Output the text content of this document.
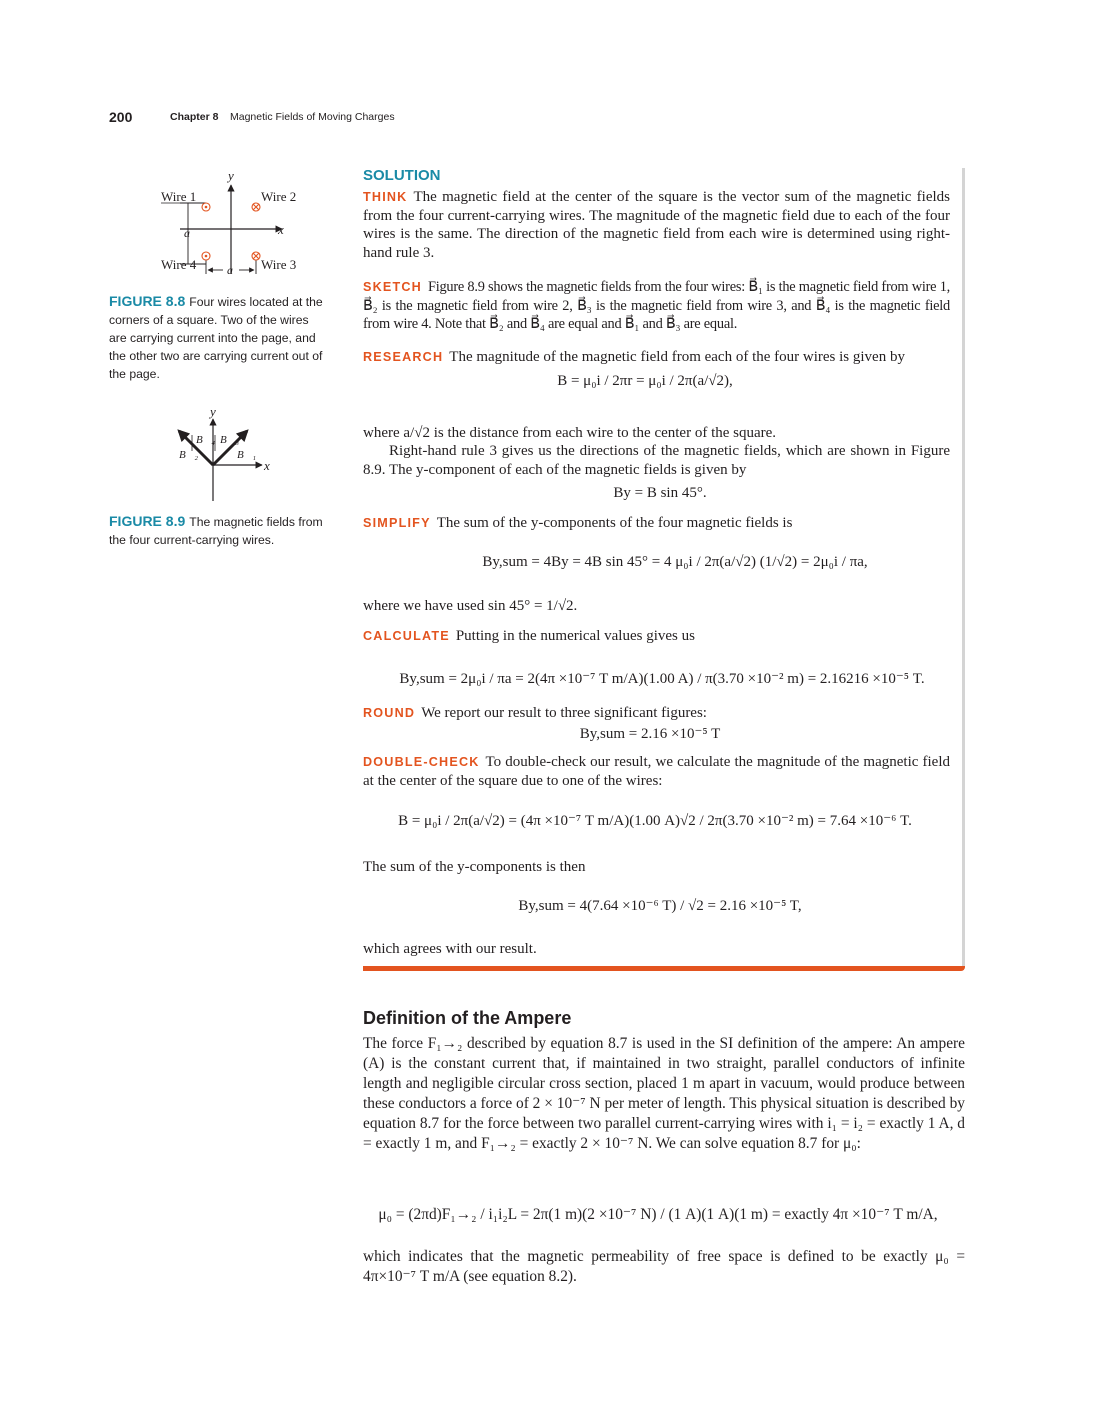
200	Chapter 8 Magnetic Fields of Moving Charges
y
x
a
a
Wire 1	Wire 2
Wire 4	Wire 3
FIGURE 8.8 Four wires located at the corners of a square. Two of the wires are carrying current into the page, and the other two are carrying current out of the page.
y
x
B⃗₄ B⃗₃
B⃗₂	B⃗₁
FIGURE 8.9 The magnetic fields from the four current-carrying wires.
SOLUTION
THINK The magnetic field at the center of the square is the vector sum of the magnetic fields from the four current-carrying wires. The magnitude of the magnetic field due to each of the four wires is the same. The direction of the magnetic field from each wire is determined using right-hand rule 3.
SKETCH Figure 8.9 shows the magnetic fields from the four wires: B⃗₁ is the magnetic field from wire 1, B⃗₂ is the magnetic field from wire 2, B⃗₃ is the magnetic field from wire 3, and B⃗₄ is the magnetic field from wire 4. Note that B⃗₂ and B⃗₄ are equal and B⃗₁ and B⃗₃ are equal.
RESEARCH The magnitude of the magnetic field from each of the four wires is given by
B = μ₀i / 2πr = μ₀i / 2π(a/√2),
where a/√2 is the distance from each wire to the center of the square.
Right-hand rule 3 gives us the directions of the magnetic fields, which are shown in Figure 8.9. The y-component of each of the magnetic fields is given by
By = B sin 45°.
SIMPLIFY The sum of the y-components of the four magnetic fields is
By,sum = 4By = 4B sin 45° = 4 μ₀i / 2π(a/√2) (1/√2) = 2μ₀i / πa,
where we have used sin 45° = 1/√2.
CALCULATE Putting in the numerical values gives us
By,sum = 2μ₀i / πa = 2(4π ×10⁻⁷ T m/A)(1.00 A) / π(3.70 ×10⁻² m) = 2.16216 ×10⁻⁵ T.
ROUND We report our result to three significant figures:
By,sum = 2.16 ×10⁻⁵ T
DOUBLE-CHECK To double-check our result, we calculate the magnitude of the magnetic field at the center of the square due to one of the wires:
B = μ₀i / 2π(a/√2) = (4π ×10⁻⁷ T m/A)(1.00 A)√2 / 2π(3.70 ×10⁻² m) = 7.64 ×10⁻⁶ T.
The sum of the y-components is then
By,sum = 4(7.64 ×10⁻⁶ T) / √2 = 2.16 ×10⁻⁵ T,
which agrees with our result.
Definition of the Ampere
The force F₁→₂ described by equation 8.7 is used in the SI definition of the ampere: An ampere (A) is the constant current that, if maintained in two straight, parallel conductors of infinite length and negligible circular cross section, placed 1 m apart in vacuum, would produce between these conductors a force of 2 × 10⁻⁷ N per meter of length. This physical situation is described by equation 8.7 for the force between two parallel current-carrying wires with i₁ = i₂ = exactly 1 A, d = exactly 1 m, and F₁→₂ = exactly 2 × 10⁻⁷ N. We can solve equation 8.7 for μ₀:
μ₀ = (2πd)F₁→₂ / i₁i₂L = 2π(1 m)(2 ×10⁻⁷ N) / (1 A)(1 A)(1 m) = exactly 4π ×10⁻⁷ T m/A,
which indicates that the magnetic permeability of free space is defined to be exactly μ₀ = 4π×10⁻⁷ T m/A (see equation 8.2).
